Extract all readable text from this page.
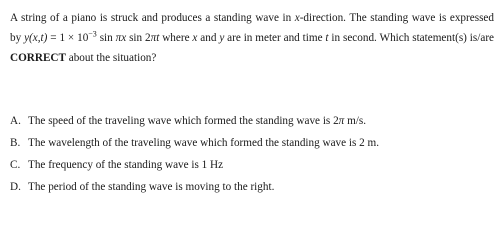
A string of a piano is struck and produces a standing wave in x-direction. The standing wave is expressed by $y(x,t) = 1 \times 10^{-3}$ sin πx sin 2πt where x and y are in meter and time t in second. Which statement(s) is/are CORRECT about the situation?

A. The speed of the traveling wave which formed the standing wave is 2π m/s.
B. The wavelength of the traveling wave which formed the standing wave is 2 m.
C. The frequency of the standing wave is 1 Hz
D. The period of the standing wave is moving to the right.
